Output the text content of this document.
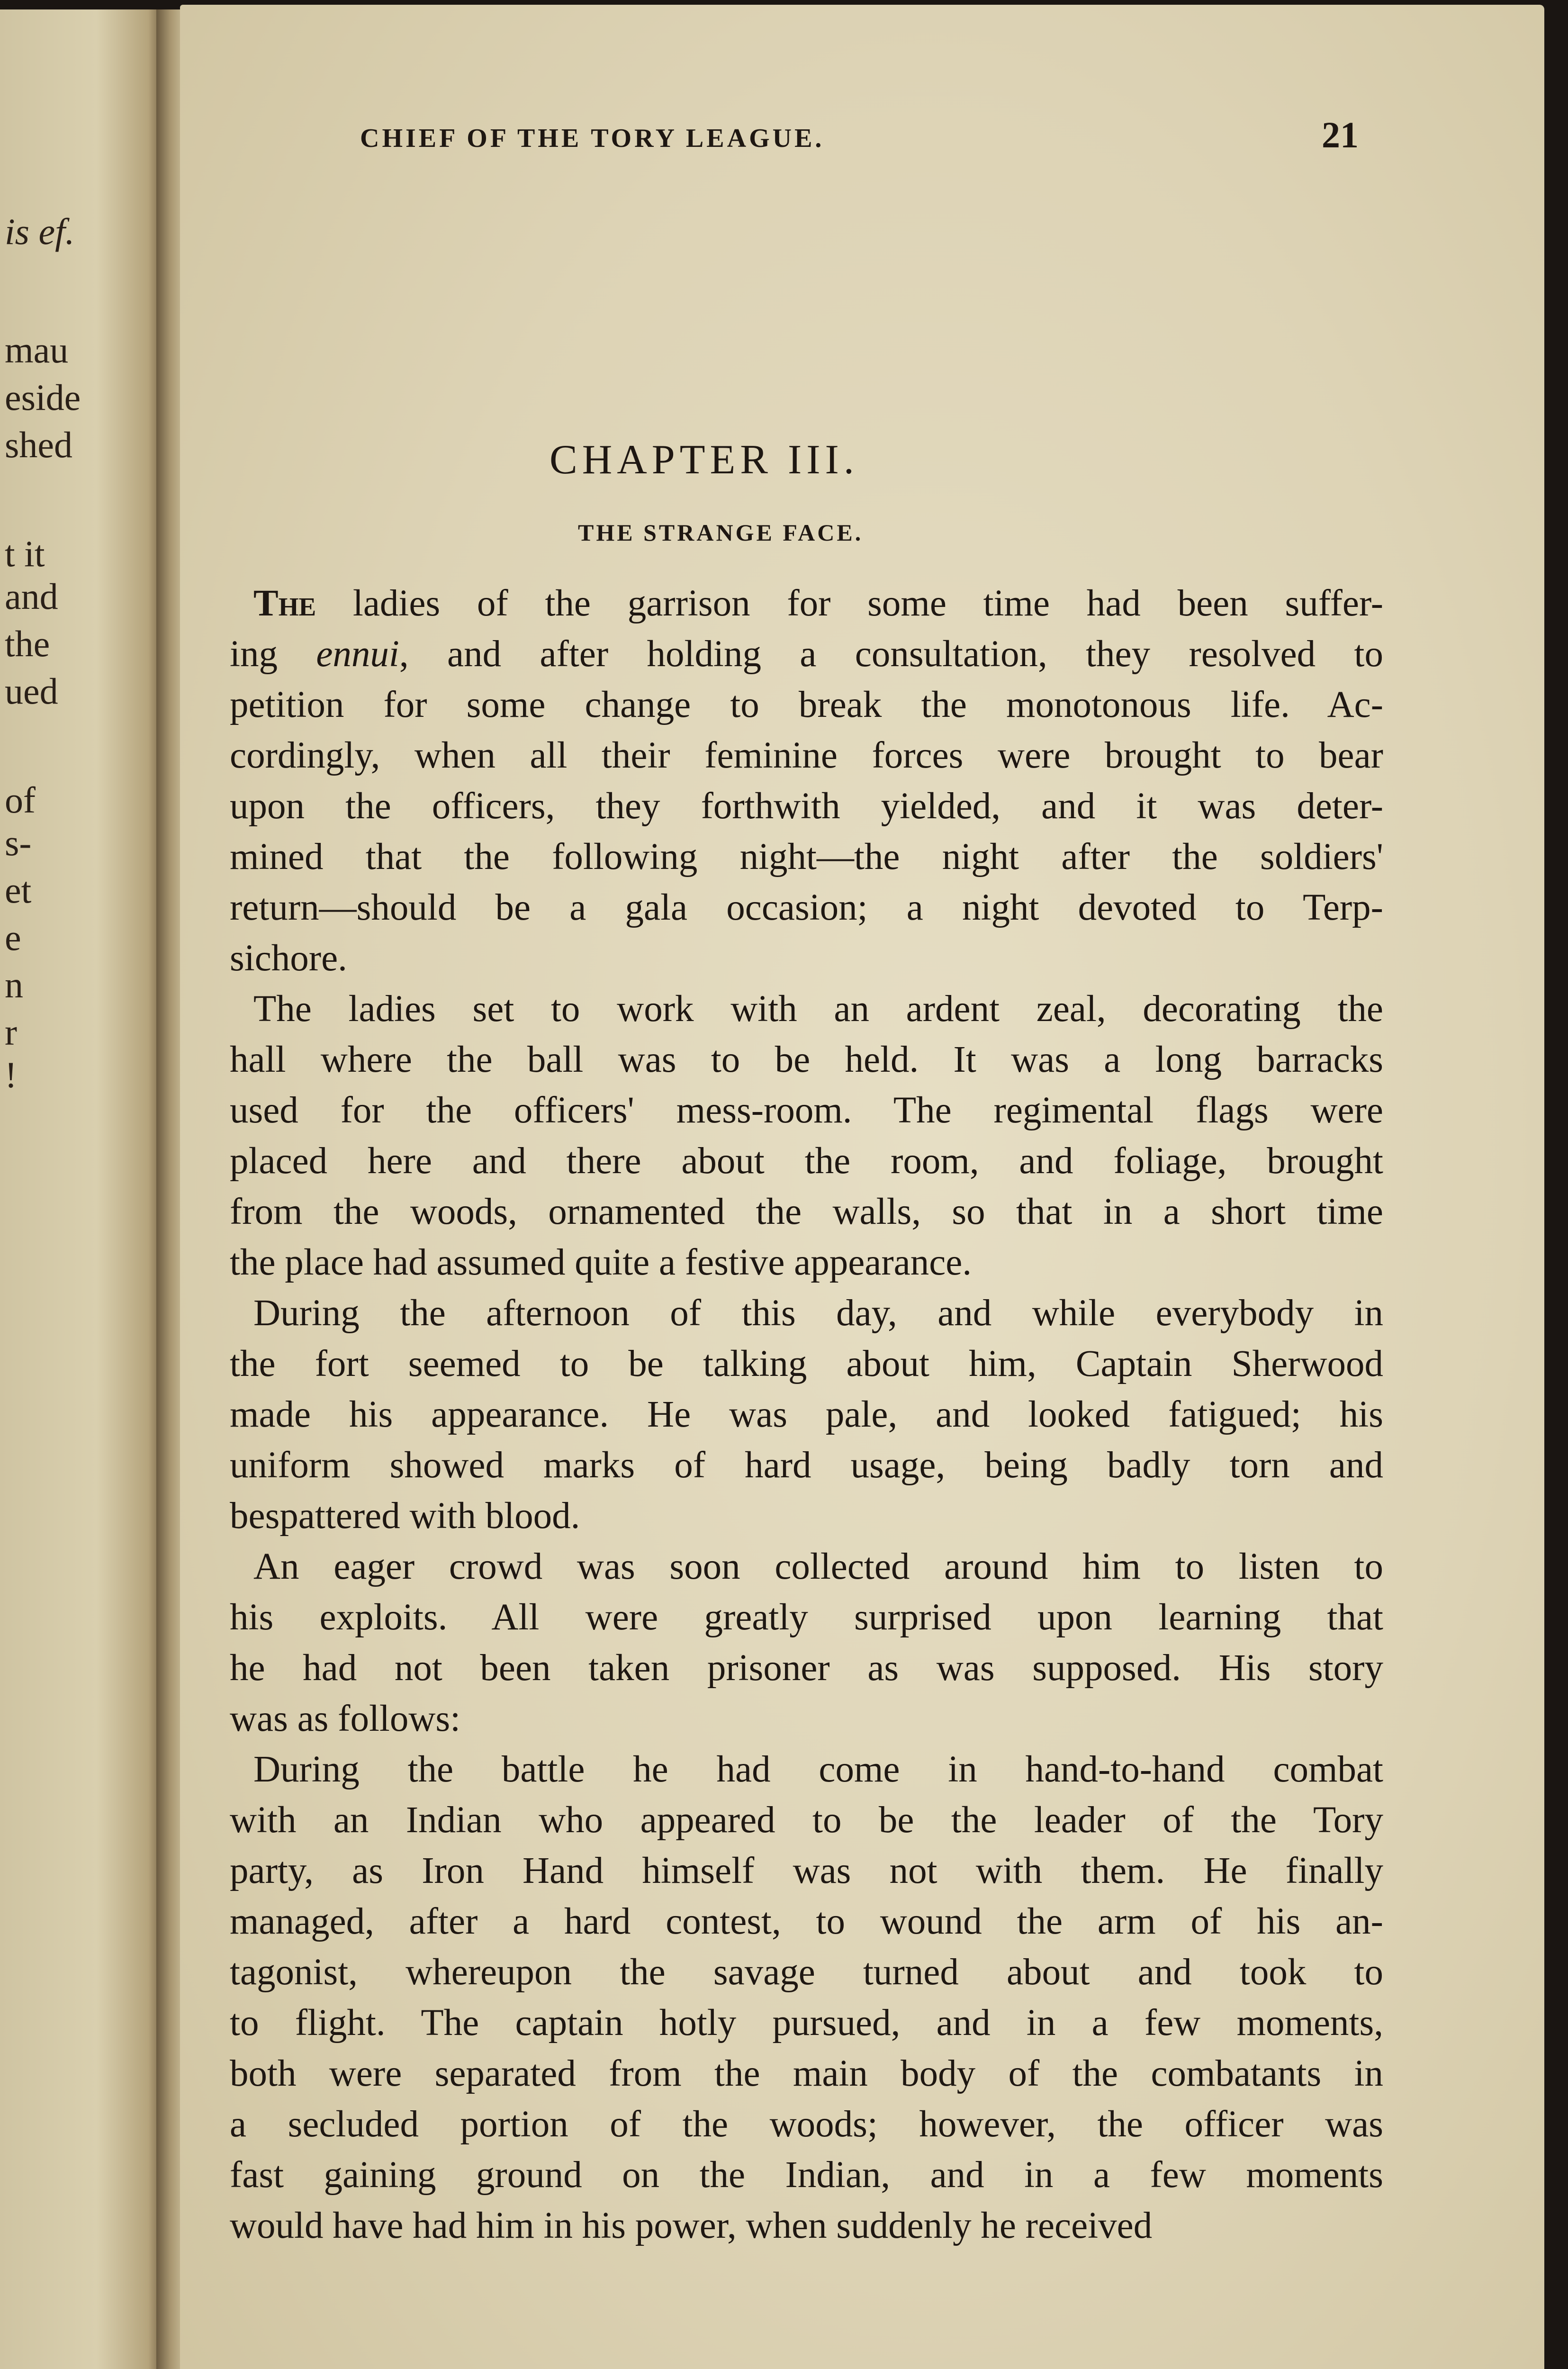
is ef.
mau
eside
shed
t it
and
the
ued
of
s-
et
e
n
r
!
CHIEF OF THE TORY LEAGUE.	21
CHAPTER III.
THE STRANGE FACE.
The ladies of the garrison for some time had been suffer-
ing ennui, and after holding a consultation, they resolved to
petition for some change to break the monotonous life. Ac-
cordingly, when all their feminine forces were brought to bear
upon the officers, they forthwith yielded, and it was deter-
mined that the following night—the night after the soldiers'
return—should be a gala occasion; a night devoted to Terp-
sichore.
The ladies set to work with an ardent zeal, decorating the
hall where the ball was to be held. It was a long barracks
used for the officers' mess-room. The regimental flags were
placed here and there about the room, and foliage, brought
from the woods, ornamented the walls, so that in a short time
the place had assumed quite a festive appearance.
During the afternoon of this day, and while everybody in
the fort seemed to be talking about him, Captain Sherwood
made his appearance. He was pale, and looked fatigued; his
uniform showed marks of hard usage, being badly torn and
bespattered with blood.
An eager crowd was soon collected around him to listen to
his exploits. All were greatly surprised upon learning that
he had not been taken prisoner as was supposed. His story
was as follows:
During the battle he had come in hand-to-hand combat
with an Indian who appeared to be the leader of the Tory
party, as Iron Hand himself was not with them. He finally
managed, after a hard contest, to wound the arm of his an-
tagonist, whereupon the savage turned about and took to
to flight. The captain hotly pursued, and in a few moments,
both were separated from the main body of the combatants in
a secluded portion of the woods; however, the officer was
fast gaining ground on the Indian, and in a few moments
would have had him in his power, when suddenly he received
